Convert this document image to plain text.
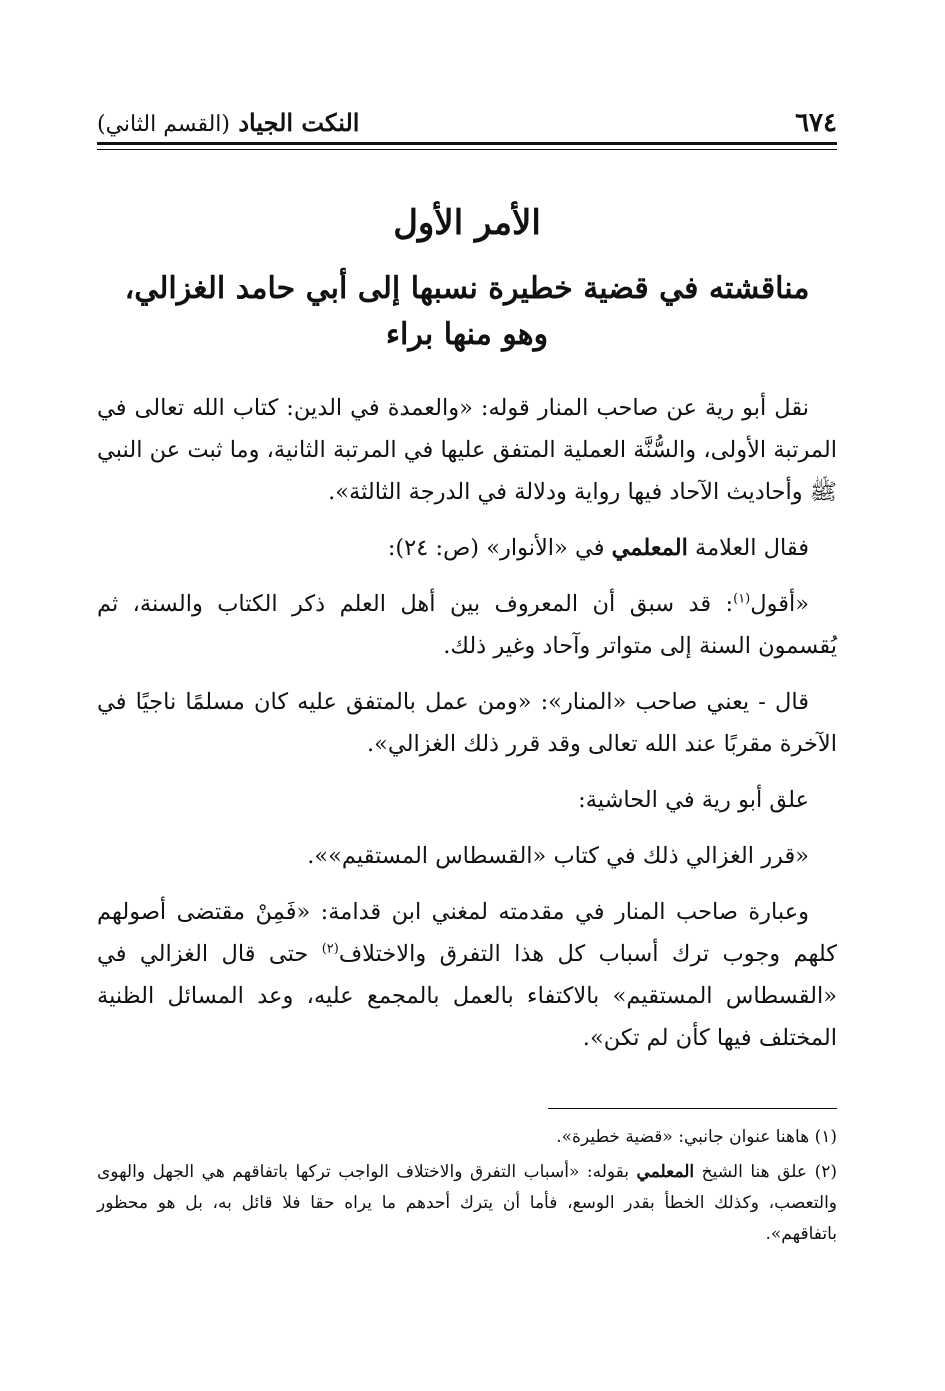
٦٧٤
النكت الجياد (القسم الثاني)
الأمر الأول
مناقشته في قضية خطيرة نسبها إلى أبي حامد الغزالي،
وهو منها براء

نقل أبو رية عن صاحب المنار قوله: «والعمدة في الدين: كتاب الله تعالى في المرتبة الأولى، والسُّنَّة العملية المتفق عليها في المرتبة الثانية، وما ثبت عن النبي ﷺ وأحاديث الآحاد فيها رواية ودلالة في الدرجة الثالثة».

فقال العلامة المعلمي في «الأنوار» (ص: ٢٤):

«أقول$^{(١)}$: قد سبق أن المعروف بين أهل العلم ذكر الكتاب والسنة، ثم يُقسمون السنة إلى متواتر وآحاد وغير ذلك.

قال - يعني صاحب «المنار»: «ومن عمل بالمتفق عليه كان مسلمًا ناجيًا في الآخرة مقربًا عند الله تعالى وقد قرر ذلك الغزالي».

علق أبو رية في الحاشية:

«قرر الغزالي ذلك في كتاب «القسطاس المستقيم»».

وعبارة صاحب المنار في مقدمته لمغني ابن قدامة: «فَمِنْ مقتضى أصولهم كلهم وجوب ترك أسباب كل هذا التفرق والاختلاف$^{(٢)}$ حتى قال الغزالي في «القسطاس المستقيم» بالاكتفاء بالعمل بالمجمع عليه، وعد المسائل الظنية المختلف فيها كأن لم تكن».

(١) هاهنا عنوان جانبي: «قضية خطيرة».

(٢) علق هنا الشيخ المعلمي بقوله: «أسباب التفرق والاختلاف الواجب تركها باتفاقهم هي الجهل والهوى والتعصب، وكذلك الخطأ بقدر الوسع، فأما أن يترك أحدهم ما يراه حقا فلا قائل به، بل هو محظور باتفاقهم».
